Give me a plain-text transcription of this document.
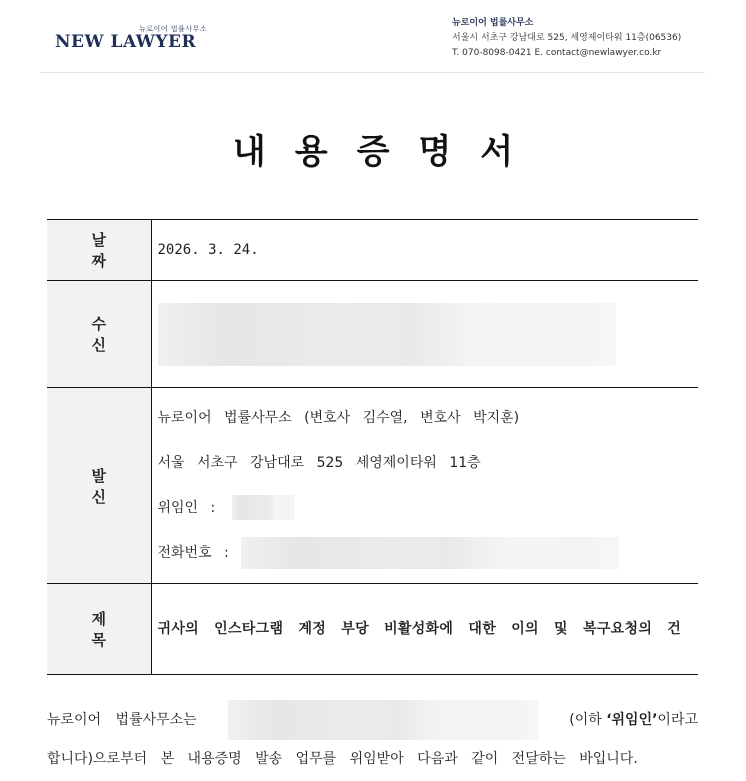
뉴로이어 법률사무소
NEW LAWYER
뉴로이어 법률사무소
서울시 서초구 강남대로 525, 세영제이타워 11층(06536)
T. 070-8098-0421 E. contact@newlawyer.co.kr
내용증명서
날짜	2026. 3. 24.
수신	
발신	뉴로이어 법률사무소 (변호사 김수열, 변호사 박지훈)
서울 서초구 강남대로 525 세영제이타워 11층
위임인 :
전화번호 :

제목	귀사의 인스타그램 계정 부당 비활성화에 대한 이의 및 복구요청의 건
뉴로이어 법률사무소는	(이하 ‘위임인’이라고
합니다)으로부터 본 내용증명 발송 업무를 위임받아 다음과 같이 전달하는 바입니다.
